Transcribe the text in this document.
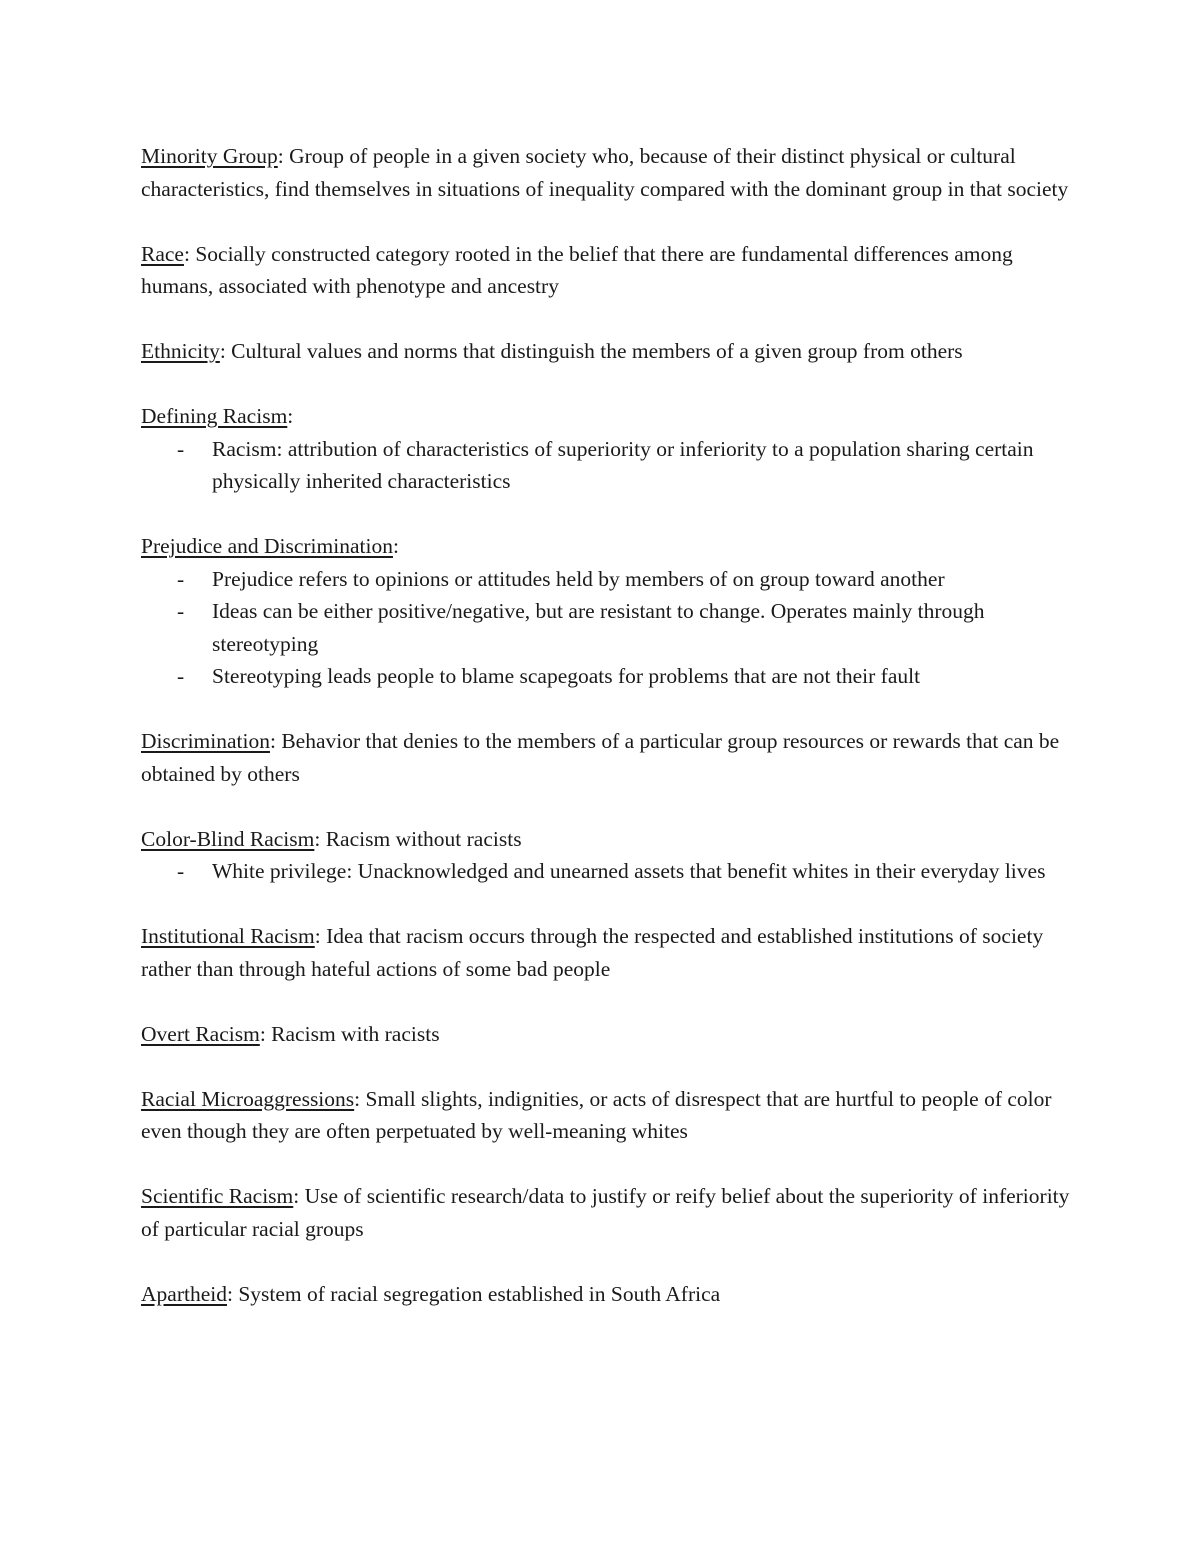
Minority Group: Group of people in a given society who, because of their distinct physical or cultural characteristics, find themselves in situations of inequality compared with the dominant group in that society
Race: Socially constructed category rooted in the belief that there are fundamental differences among humans, associated with phenotype and ancestry
Ethnicity: Cultural values and norms that distinguish the members of a given group from others
Defining Racism:
- Racism: attribution of characteristics of superiority or inferiority to a population sharing certain physically inherited characteristics
Prejudice and Discrimination:
- Prejudice refers to opinions or attitudes held by members of on group toward another
- Ideas can be either positive/negative, but are resistant to change. Operates mainly through stereotyping
- Stereotyping leads people to blame scapegoats for problems that are not their fault
Discrimination: Behavior that denies to the members of a particular group resources or rewards that can be obtained by others
Color-Blind Racism: Racism without racists
- White privilege: Unacknowledged and unearned assets that benefit whites in their everyday lives
Institutional Racism: Idea that racism occurs through the respected and established institutions of society rather than through hateful actions of some bad people
Overt Racism: Racism with racists
Racial Microaggressions: Small slights, indignities, or acts of disrespect that are hurtful to people of color even though they are often perpetuated by well-meaning whites
Scientific Racism: Use of scientific research/data to justify or reify belief about the superiority of inferiority of particular racial groups
Apartheid: System of racial segregation established in South Africa
